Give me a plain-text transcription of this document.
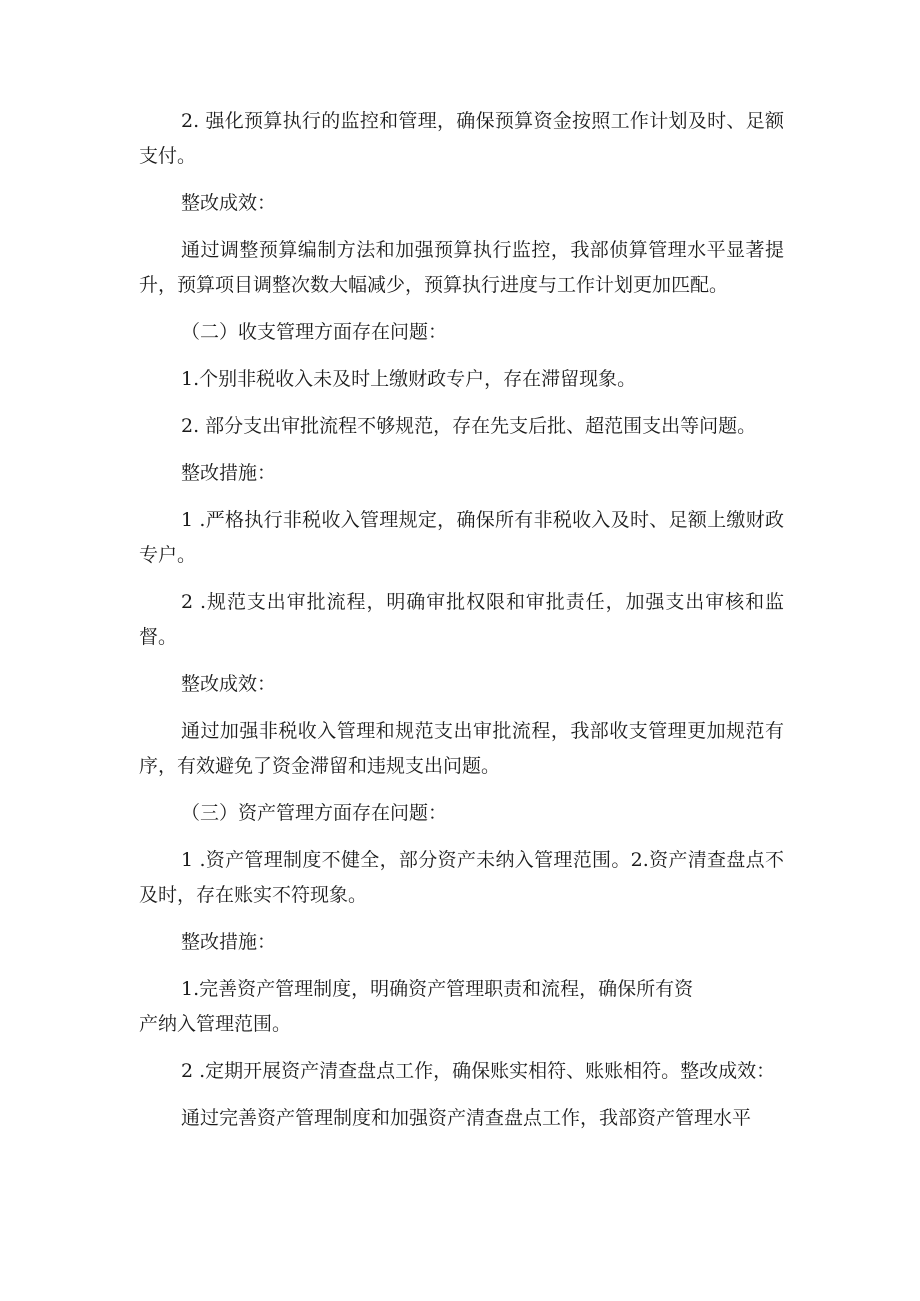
2. 强化预算执行的监控和管理，确保预算资金按照工作计划及时、足额支付。

整改成效：

通过调整预算编制方法和加强预算执行监控，我部侦算管理水平显著提升，预算项目调整次数大幅减少，预算执行进度与工作计划更加匹配。

（二）收支管理方面存在问题：

1.个别非税收入未及时上缴财政专户，存在滞留现象。

2. 部分支出审批流程不够规范，存在先支后批、超范围支出等问题。

整改措施：

1 .严格执行非税收入管理规定，确保所有非税收入及时、足额上缴财政专户。

2 .规范支出审批流程，明确审批权限和审批责任，加强支出审核和监督。

整改成效：

通过加强非税收入管理和规范支出审批流程，我部收支管理更加规范有序，有效避免了资金滞留和违规支出问题。

（三）资产管理方面存在问题：

1 .资产管理制度不健全，部分资产未纳入管理范围。2.资产清查盘点不及时，存在账实不符现象。

整改措施：

1.完善资产管理制度，明确资产管理职责和流程，确保所有资

产纳入管理范围。

2 .定期开展资产清查盘点工作，确保账实相符、账账相符。整改成效：

通过完善资产管理制度和加强资产清查盘点工作，我部资产管理水平
